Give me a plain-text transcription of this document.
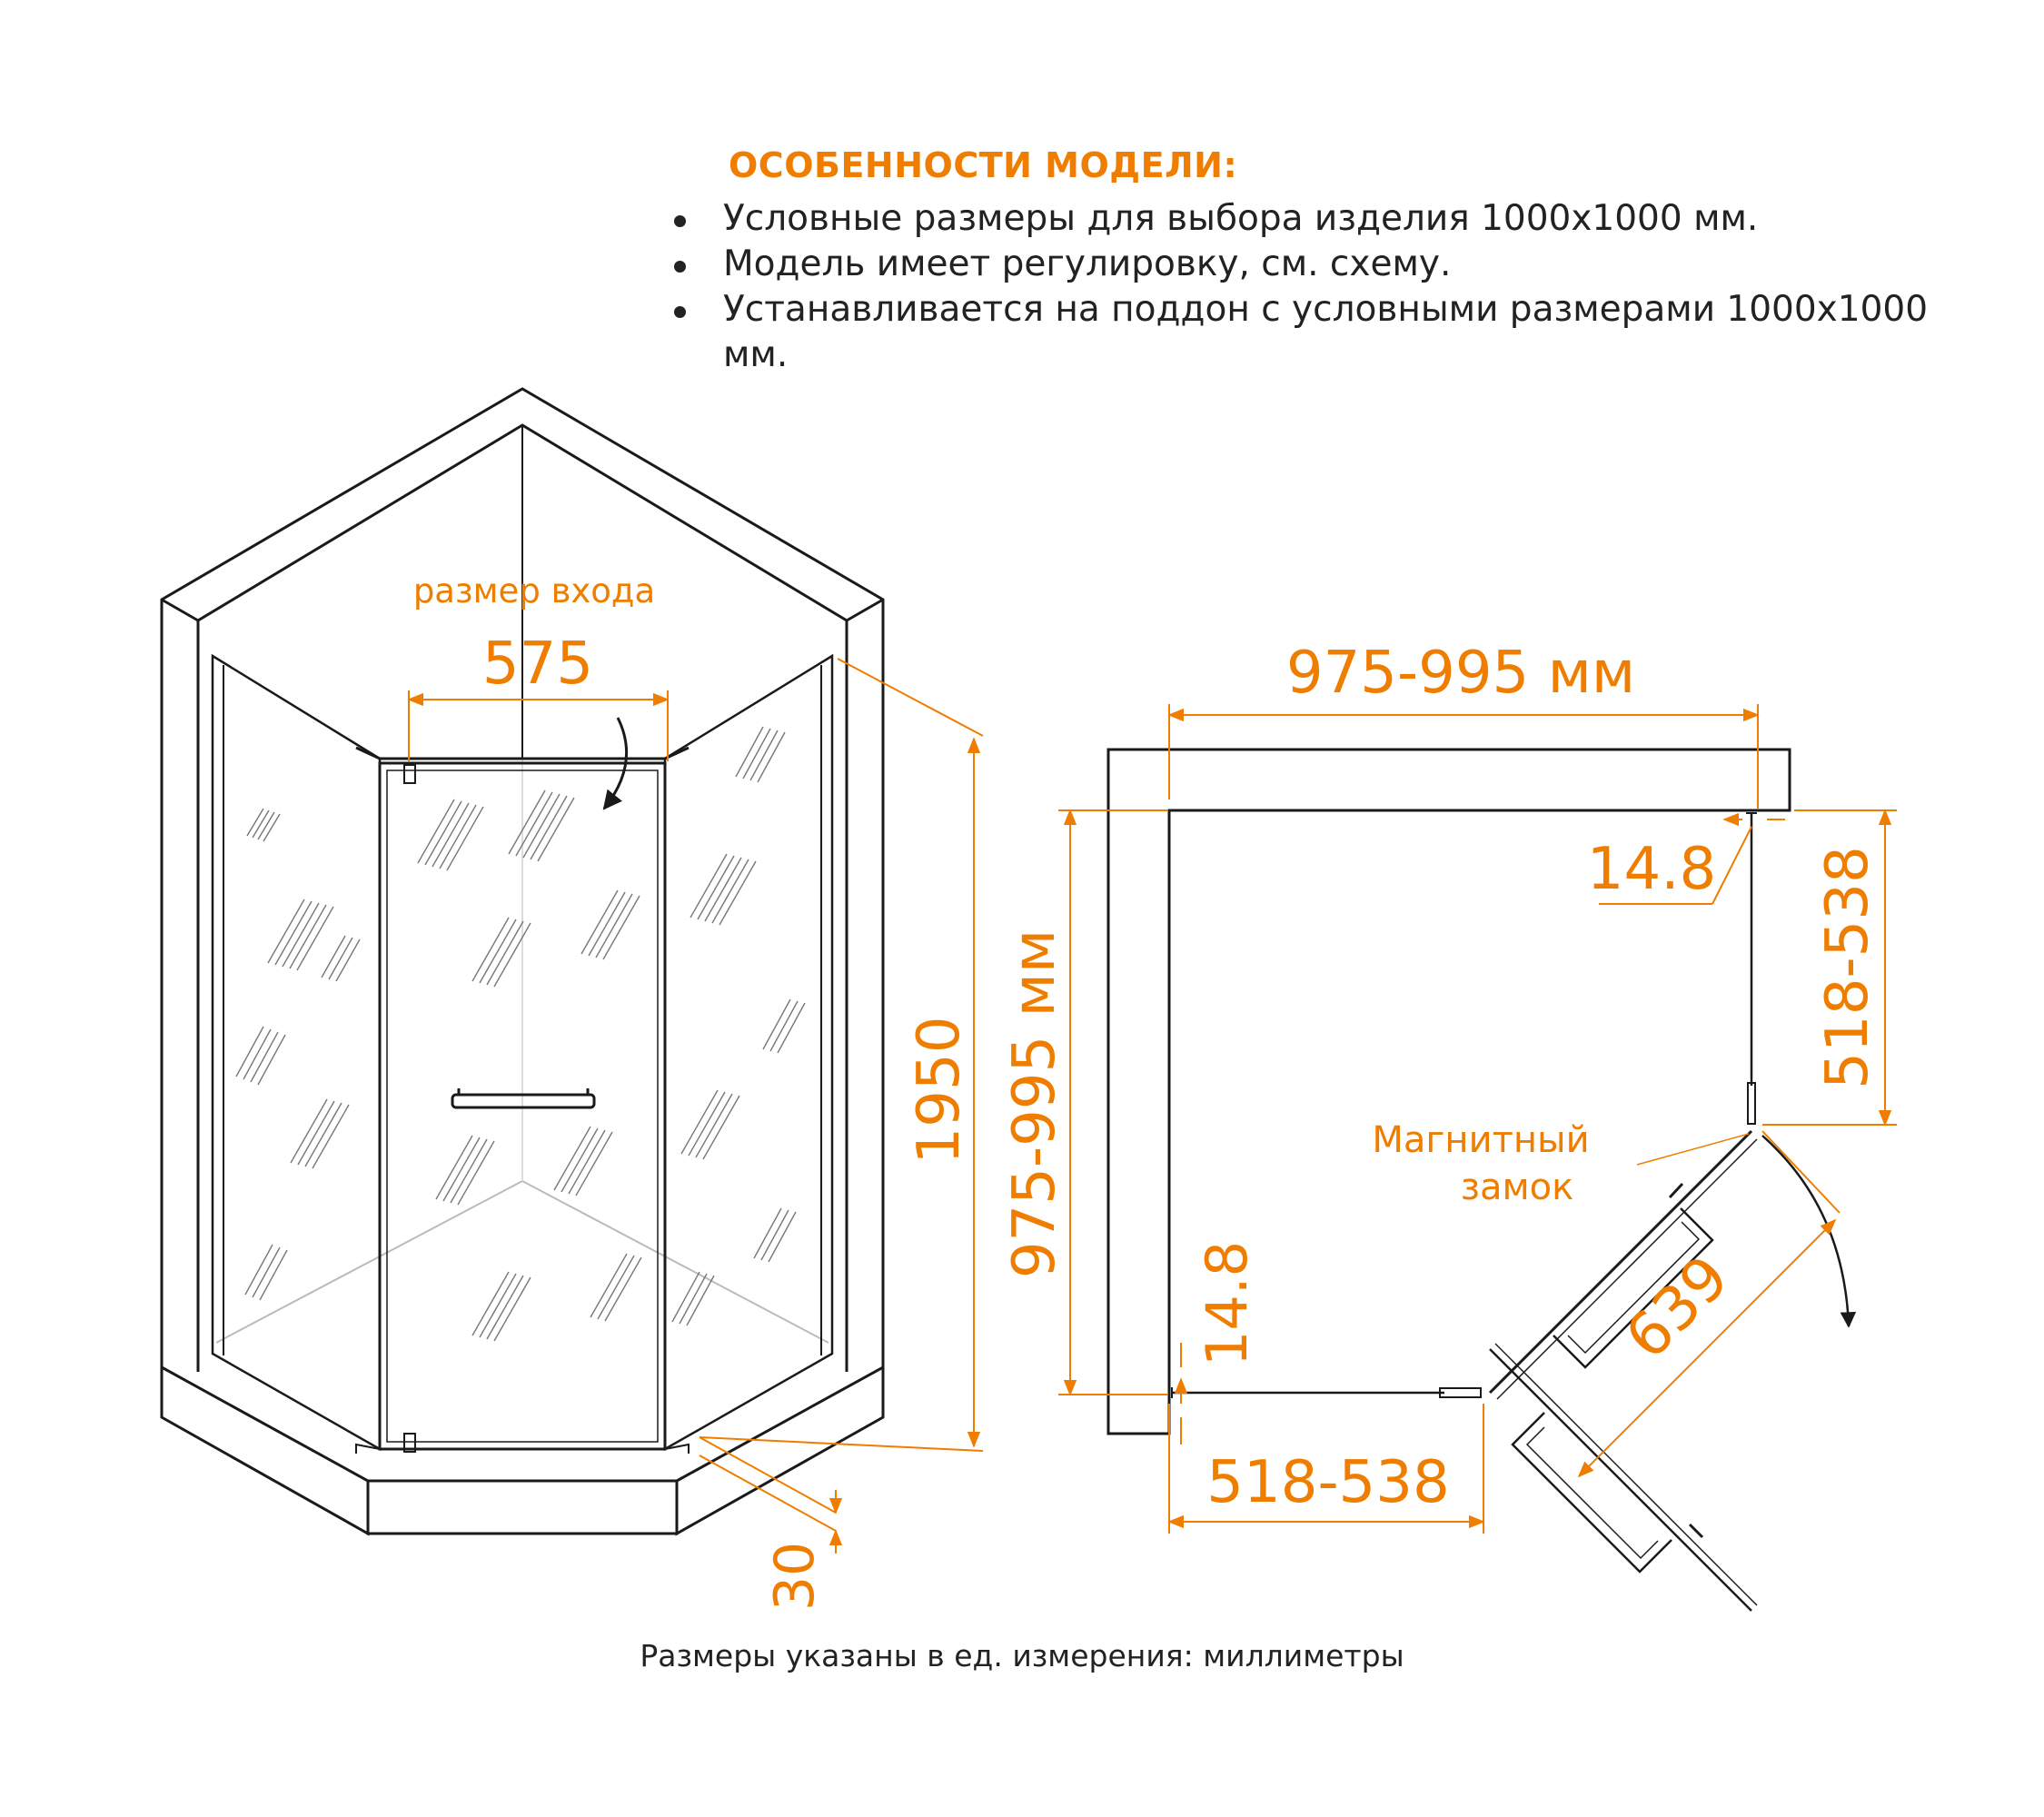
ОСОБЕННОСТИ МОДЕЛИ:
Условные размеры для выбора изделия 1000x1000 мм.
Модель имеет регулировку, см. схему.
Устанавливается на поддон с условными размерами 1000x1000 мм.
размер входа
575
1950
30
975-995 мм
975-995 мм	518-538
518-538
14.8
14.8	639
Магнитный
замок
Размеры указаны в ед. измерения: миллиметры
